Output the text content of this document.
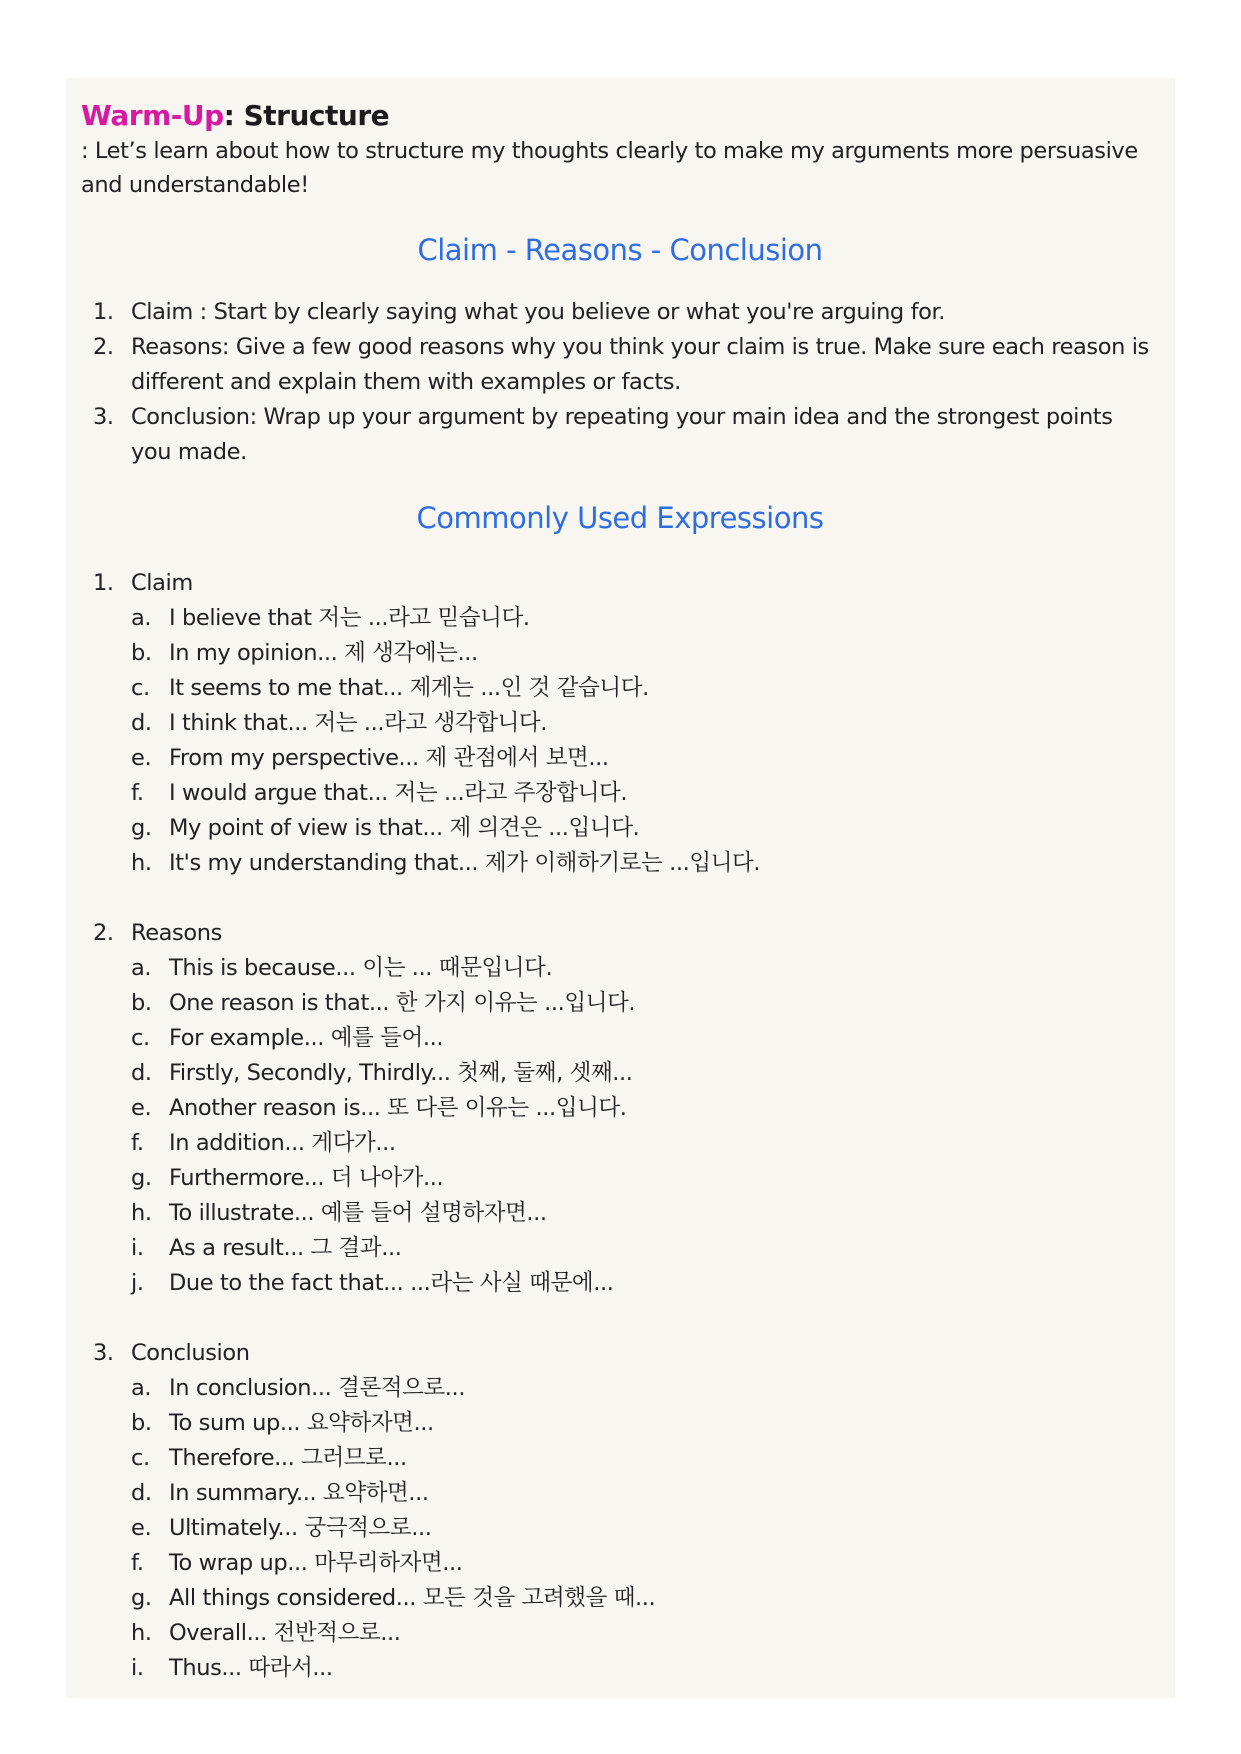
Warm-Up: Structure

: Let’s learn about how to structure my thoughts clearly to make my arguments more persuasive and understandable!

Claim - Reasons - Conclusion
1. Claim : Start by clearly saying what you believe or what you're arguing for.
2. Reasons: Give a few good reasons why you think your claim is true. Make sure each reason is different and explain them with examples or facts.
3. Conclusion: Wrap up your argument by repeating your main idea and the strongest points you made.
Commonly Used Expressions
1. Claim
a. I believe that 저는 ...라고 믿습니다.
b. In my opinion... 제 생각에는...
c. It seems to me that... 제게는 ...인 것 같습니다.
d. I think that... 저는 ...라고 생각합니다.
e. From my perspective... 제 관점에서 보면...
f.	I would argue that... 저는 ...라고 주장합니다.
g. My point of view is that... 제 의견은 ...입니다.
h. It's my understanding that... 제가 이해하기로는 ...입니다.
2. Reasons
a. This is because... 이는 ... 때문입니다.
b. One reason is that... 한 가지 이유는 ...입니다.
c. For example... 예를 들어...
d. Firstly, Secondly, Thirdly... 첫째, 둘째, 셋째...
e. Another reason is... 또 다른 이유는 ...입니다.
f.	In addition... 게다가...
g. Furthermore... 더 나아가...
h. To illustrate... 예를 들어 설명하자면...
i.	As a result... 그 결과...
j.	Due to the fact that... ...라는 사실 때문에...
3. Conclusion
a. In conclusion... 결론적으로...
b. To sum up... 요약하자면...
c. Therefore... 그러므로...
d. In summary... 요약하면...
e. Ultimately... 궁극적으로...
f.	To wrap up... 마무리하자면...
g. All things considered... 모든 것을 고려했을 때...
h. Overall... 전반적으로...
i.	Thus... 따라서...
